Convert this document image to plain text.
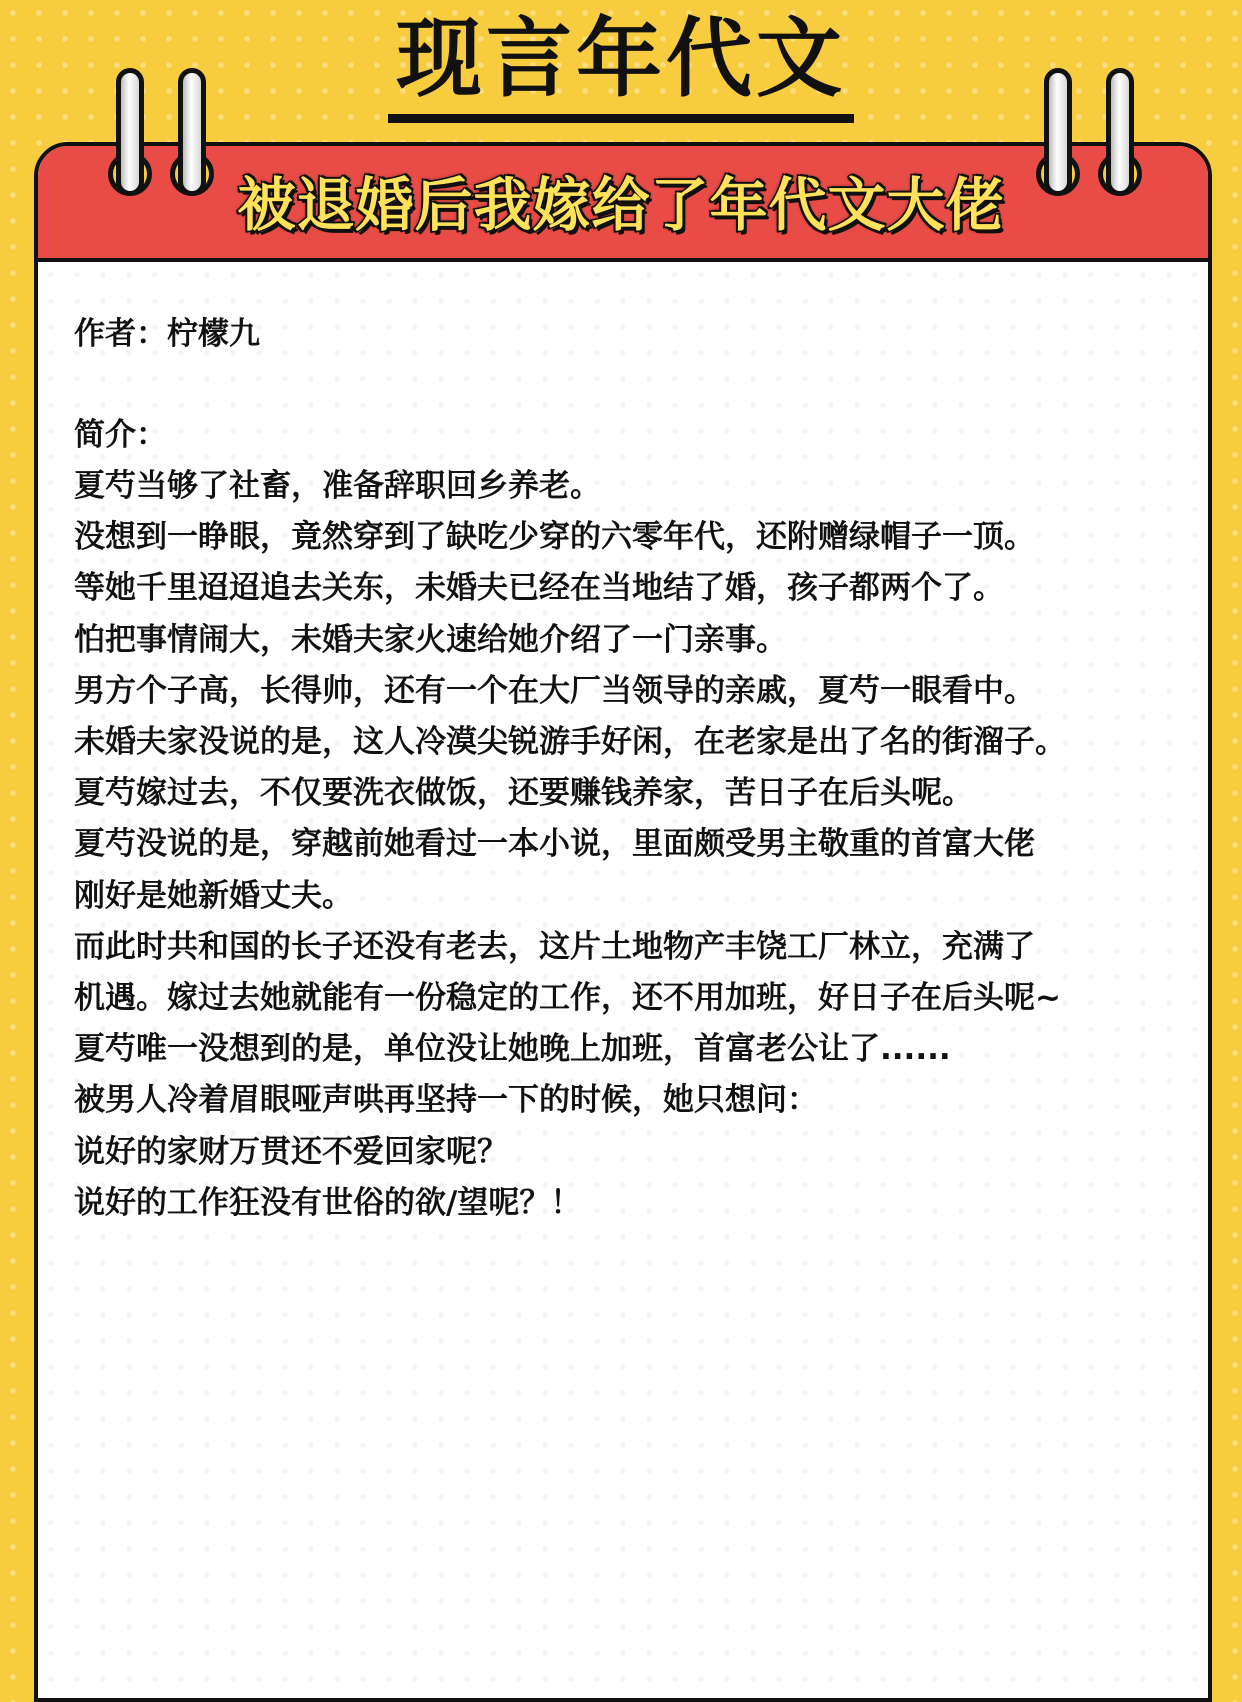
现言年代文
被退婚后我嫁给了年代文大佬
作者：柠檬九
简介：
夏芍当够了社畜，准备辞职回乡养老。
没想到一睁眼，竟然穿到了缺吃少穿的六零年代，还附赠绿帽子一顶。
等她千里迢迢追去关东，未婚夫已经在当地结了婚，孩子都两个了。
怕把事情闹大，未婚夫家火速给她介绍了一门亲事。
男方个子高，长得帅，还有一个在大厂当领导的亲戚，夏芍一眼看中。
未婚夫家没说的是，这人冷漠尖锐游手好闲，在老家是出了名的街溜子。
夏芍嫁过去，不仅要洗衣做饭，还要赚钱养家，苦日子在后头呢。
夏芍没说的是，穿越前她看过一本小说，里面颇受男主敬重的首富大佬
刚好是她新婚丈夫。
而此时共和国的长子还没有老去，这片土地物产丰饶工厂林立，充满了
机遇。嫁过去她就能有一份稳定的工作，还不用加班，好日子在后头呢~
夏芍唯一没想到的是，单位没让她晚上加班，首富老公让了......
被男人冷着眉眼哑声哄再坚持一下的时候，她只想问：
说好的家财万贯还不爱回家呢？
说好的工作狂没有世俗的欲/望呢？！
